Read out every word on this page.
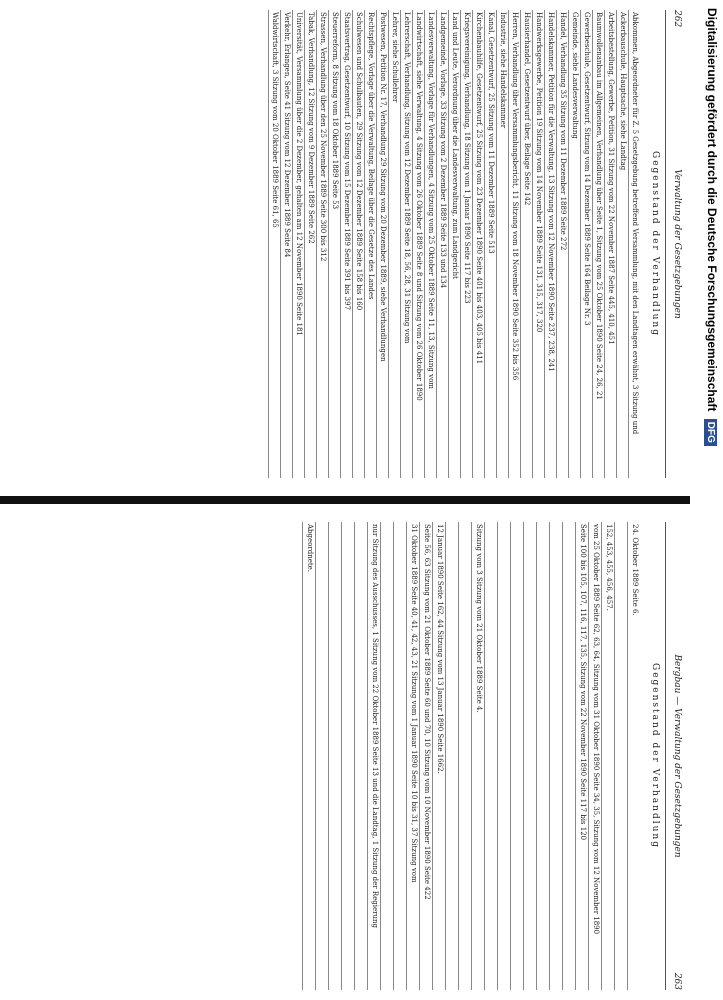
262
Verwaltung der Gesetzgebungen
Gegenstand der Verhandlung
Abkommen, Abgeordneter für Z. 5 Gesetzgebung betreffend Versammlung, mit den Landtagen erwähnt, 3 Sitzung und
Ackerbauschule, Hauptsache, siehe Landtag
Arbeitsbestellung, Gewerbe, Petition, 31 Sitzung vom 22 November 1887 Seite 445, 410, 451
Baumwollenanbau im Allgemeinen, Verhandlung über Seite 1, Sitzung vom 25 Oktober 1890 Seite 24, 26, 21
Gewerbeschule, Gesetzentwurf, Sitzung vom 14 Dezember 1889 Seite 164 Beilage Nr. 3
Gemeinde, siehe Landesverwaltung
Handel, Verhandlung 35 Sitzung vom 11 Dezember 1889 Seite 272
Handelskammer, Petition für die Verwaltung, 13 Sitzung vom 12 November 1890 Seite 237, 238, 241
Handwerksgewerbe, Petition 19 Sitzung vom 14 November 1889 Seite 131, 315, 317, 320
Hausierhandel, Gesetzentwurf über, Beilage Seite 142
Herren, Verhandlung über Versammlungsbericht, 11 Sitzung vom 18 November 1890 Seite 352 bis 356
Industrie, siehe Handelskammer
Kanal, Gesetzentwurf, 25 Sitzung vom 11 Dezember 1889 Seite 513
Kirchenbauhilfe, Gesetzentwurf, 25 Sitzung vom 23 Dezember 1890 Seite 401 bis 403, 405 bis 411
Kriegsvereinigung, Verhandlung, 18 Sitzung vom 1 Januar 1890 Seite 117 bis 223
Land und Leute, Verordnung über die Landesverwaltung, zum Landgericht
Landgemeinde, Vorlage, 33 Sitzung vom 2 Dezember 1889 Seite 133 und 134
Landesverwaltung, Vorlage für Verhandlungen, 4 Sitzung vom 25 Oktober 1889 Seite 11, 13, Sitzung vom
Landwirtschaft, siehe Verwaltung, 4 Sitzung vom 26 Oktober 1889 Seite 8 und Sitzung vom 26 Oktober 1890
Lehrerschaft, Verhandlung, Sitzung vom 12 Dezember 1889 Seite 18, 56, 28, 31 Sitzung vom
Lehrer, siehe Schullehrer
Postwesen, Petition Nr. 17, Verhandlung 29 Sitzung vom 20 Dezember 1889, siehe Verhandlungen
Rechtspflege, Vorlage über die Verwaltung, Beilage über die Gesetze des Landes
Schulwesen und Schulbauten, 29 Sitzung vom 12 Dezember 1889 Seite 158 bis 160
Staatsvertrag, Gesetzentwurf, 10 Sitzung vom 15 Dezember 1889 Seite 391 bis 397
Steuerreform, 8 Sitzung vom 18 Oktober 1889 Seite 53
Strassen, Verhandlung über den 25 November 1889 Seite 300 bis 312
Tabak, Verhandlung, 12 Sitzung vom 9 Dezember 1889 Seite 262
Universität, Versammlung über die 2 Dezember, gehalten am 12 November 1890 Seite 181
Verkehr, Erlangen, Seite 41 Sitzung vom 12 Dezember 1889 Seite 84
Waldwirtschaft, 3 Sitzung vom 20 Oktober 1889 Seite 61, 65
Bergbau — Verwaltung der Gesetzgebungen
263
Gegenstand der Verhandlung
24. Oktober 1889 Seite 6.
152, 453, 455, 456, 457.
vom 25 Oktober 1889 Seite 62, 63, 64, Sitzung vom 31 Oktober 1890 Seite 34, 35, Sitzung vom 12 November 1890
Seite 100 bis 105, 107, 116, 117, 135, Sitzung vom 22 November 1890 Seite 117 bis 120
Sitzung vom 3 Sitzung vom 21 Oktober 1889 Seite 4.
12 Januar 1890 Seite 162, 44 Sitzung vom 13 Januar 1890 Seite 1662.
Seite 56, 63 Sitzung vom 21 Oktober 1889 Seite 60 und 70, 10 Sitzung vom 10 November 1890 Seite 422
31 Oktober 1889 Seite 40, 41, 42, 43, 21 Sitzung vom 1 Januar 1890 Seite 10 bis 31, 37 Sitzung vom
nur Sitzung des Ausschusses, 1 Sitzung vom 22 Oktober 1889 Seite 13 und die Landtag, 1 Sitzung der Regierung
Abgeordnete.
Digitalisierung gefördert durch die Deutsche Forschungsgemeinschaft DFG
